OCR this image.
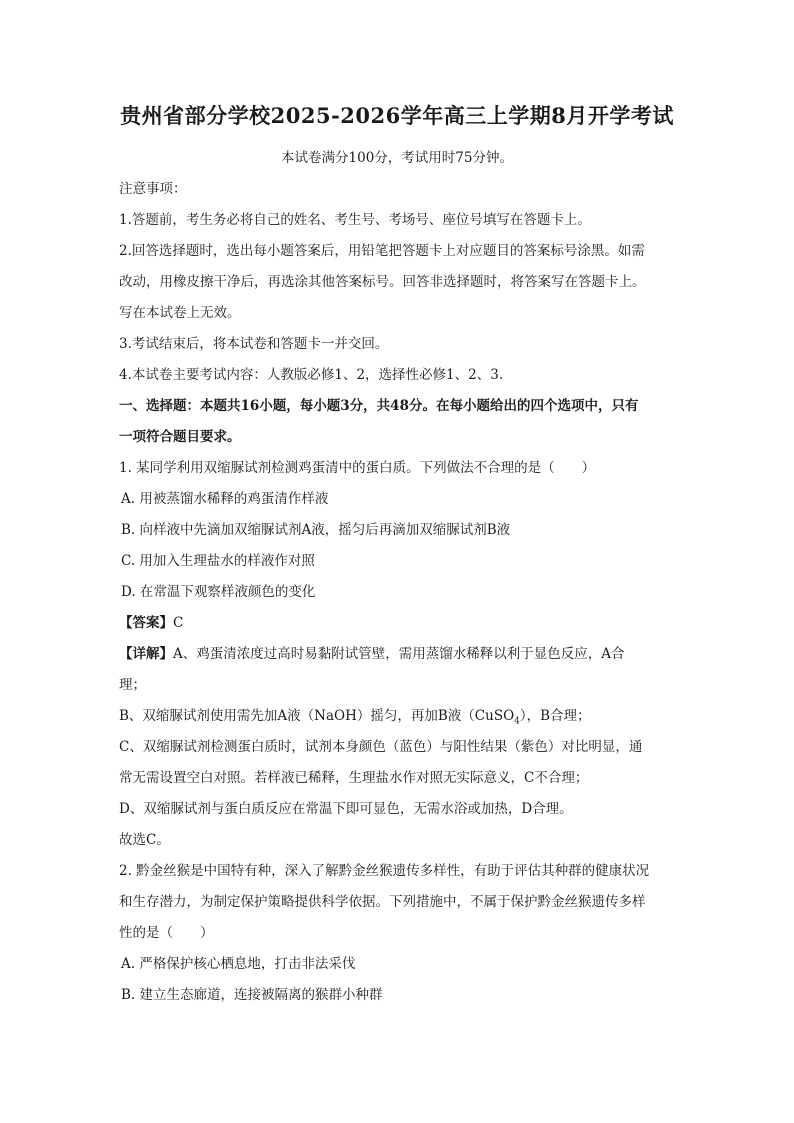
贵州省部分学校2025-2026学年高三上学期8月开学考试
本试卷满分100分，考试用时75分钟。

注意事项：

1.答题前，考生务必将自己的姓名、考生号、考场号、座位号填写在答题卡上。

2.回答选择题时，选出每小题答案后，用铅笔把答题卡上对应题目的答案标号涂黑。如需

改动，用橡皮擦干净后，再选涂其他答案标号。回答非选择题时，将答案写在答题卡上。

写在本试卷上无效。

3.考试结束后，将本试卷和答题卡一并交回。

4.本试卷主要考试内容：人教版必修1、2，选择性必修1、2、3.

一、选择题：本题共16小题，每小题3分，共48分。在每小题给出的四个选项中，只有

一项符合题目要求。

1. 某同学利用双缩脲试剂检测鸡蛋清中的蛋白质。下列做法不合理的是（　　）

A. 用被蒸馏水稀释的鸡蛋清作样液

B. 向样液中先滴加双缩脲试剂A液，摇匀后再滴加双缩脲试剂B液

C. 用加入生理盐水的样液作对照

D. 在常温下观察样液颜色的变化

【答案】C

【详解】A、鸡蛋清浓度过高时易黏附试管壁，需用蒸馏水稀释以利于显色反应，A合

理；

B、双缩脲试剂使用需先加A液（NaOH）摇匀，再加B液（CuSO$_4$），B合理；

C、双缩脲试剂检测蛋白质时，试剂本身颜色（蓝色）与阳性结果（紫色）对比明显，通

常无需设置空白对照。若样液已稀释，生理盐水作对照无实际意义，C不合理；

D、双缩脲试剂与蛋白质反应在常温下即可显色，无需水浴或加热，D合理。

故选C。

2. 黔金丝猴是中国特有种，深入了解黔金丝猴遗传多样性，有助于评估其种群的健康状况

和生存潜力，为制定保护策略提供科学依据。下列措施中，不属于保护黔金丝猴遗传多样

性的是（　　）

A. 严格保护核心栖息地，打击非法采伐

B. 建立生态廊道，连接被隔离的猴群小种群
